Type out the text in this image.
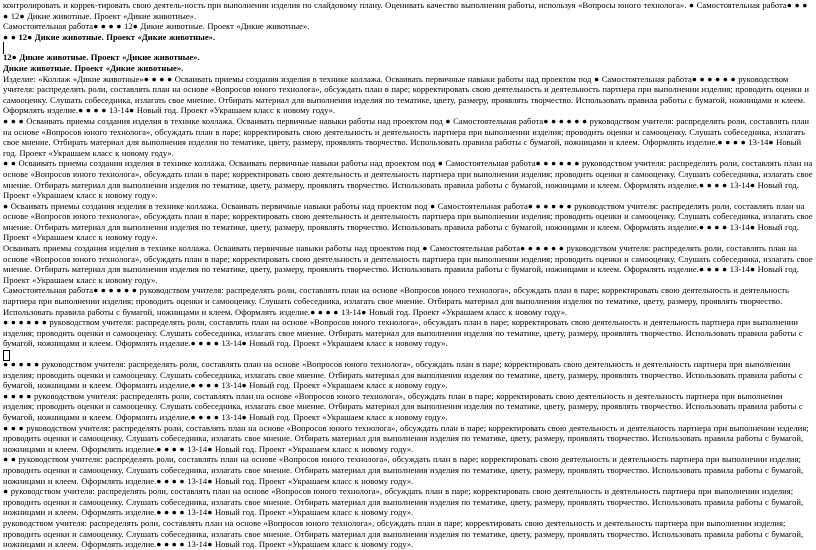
контролировать и коррек-тировать свою деятель-ность при выполнении изделия по слайдовому плану. Оценивать качество выполнения работы, используя «Вопросы юного технолога». ● Самостоятельная работа● ● ● ● 12● Дикие животные. Проект «Дикие животные».

Самостоятельная работа● ● ● ● 12● Дикие животные. Проект «Дикие животные».

● ● 12● Дикие животные. Проект «Дикие животные».

12● Дикие животные. Проект «Дикие животные».

Дикие животные. Проект «Дикие животные».

Изделие: «Коллаж «Дикие животные»● ● ● ● Осваивать приемы создания изделия в технике коллажа. Осваивать первичные навыки работы над проектом под ● Самостоятельная работа● ● ● ● ● ● руководством учителя: распределять роли, составлять план на основе «Вопросов юного технолога», обсуждать план в паре; корректировать свою деятельность и деятельность партнера при выполнении изделия; проводить оценки и самооценку. Слушать собеседника, излагать свое мнение. Отбирать материал для выполнения изделия по тематике, цвету, размеру, проявлять творчество. Использовать правила работы с бумагой, ножницами и клеем. Оформлять изделие.● ● ● ● 13-14● Новый год. Проект «Украшаем класс к новому году».

● ● ● Осваивать приемы создания изделия в технике коллажа. Осваивать первичные навыки работы над проектом под ● Самостоятельная работа● ● ● ● ● ● руководством учителя: распределять роли, составлять план на основе «Вопросов юного технолога», обсуждать план в паре; корректировать свою деятельность и деятельность партнера при выполнении изделия; проводить оценки и самооценку. Слушать собеседника, излагать свое мнение. Отбирать материал для выполнения изделия по тематике, цвету, размеру, проявлять творчество. Использовать правила работы с бумагой, ножницами и клеем. Оформлять изделие.● ● ● ● 13-14● Новый год. Проект «Украшаем класс к новому году».

● ● Осваивать приемы создания изделия в технике коллажа. Осваивать первичные навыки работы над проектом под ● Самостоятельная работа● ● ● ● ● ● руководством учителя: распределять роли, составлять план на основе «Вопросов юного технолога», обсуждать план в паре; корректировать свою деятельность и деятельность партнера при выполнении изделия; проводить оценки и самооценку. Слушать собеседника, излагать свое мнение. Отбирать материал для выполнения изделия по тематике, цвету, размеру, проявлять творчество. Использовать правила работы с бумагой, ножницами и клеем. Оформлять изделие.● ● ● ● 13-14● Новый год. Проект «Украшаем класс к новому году».

● Осваивать приемы создания изделия в технике коллажа. Осваивать первичные навыки работы над проектом под ● Самостоятельная работа● ● ● ● ● ● руководством учителя: распределять роли, составлять план на основе «Вопросов юного технолога», обсуждать план в паре; корректировать свою деятельность и деятельность партнера при выполнении изделия; проводить оценки и самооценку. Слушать собеседника, излагать свое мнение. Отбирать материал для выполнения изделия по тематике, цвету, размеру, проявлять творчество. Использовать правила работы с бумагой, ножницами и клеем. Оформлять изделие.● ● ● ● 13-14● Новый год. Проект «Украшаем класс к новому году».

Осваивать приемы создания изделия в технике коллажа. Осваивать первичные навыки работы над проектом под ● Самостоятельная работа● ● ● ● ● ● руководством учителя: распределять роли, составлять план на основе «Вопросов юного технолога», обсуждать план в паре; корректировать свою деятельность и деятельность партнера при выполнении изделия; проводить оценки и самооценку. Слушать собеседника, излагать свое мнение. Отбирать материал для выполнения изделия по тематике, цвету, размеру, проявлять творчество. Использовать правила работы с бумагой, ножницами и клеем. Оформлять изделие.● ● ● ● 13-14● Новый год. Проект «Украшаем класс к новому году».

Самостоятельная работа● ● ● ● ● ● руководством учителя: распределять роли, составлять план на основе «Вопросов юного технолога», обсуждать план в паре; корректировать свою деятельность и деятельность партнера при выполнении изделия; проводить оценки и самооценку. Слушать собеседника, излагать свое мнение. Отбирать материал для выполнения изделия по тематике, цвету, размеру, проявлять творчество. Использовать правила работы с бумагой, ножницами и клеем. Оформлять изделие.● ● ● ● 13-14● Новый год. Проект «Украшаем класс к новому году».

● ● ● ● ● ● руководством учителя: распределять роли, составлять план на основе «Вопросов юного технолога», обсуждать план в паре; корректировать свою деятельность и деятельность партнера при выполнении изделия; проводить оценки и самооценку. Слушать собеседника, излагать свое мнение. Отбирать материал для выполнения изделия по тематике, цвету, размеру, проявлять творчество. Использовать правила работы с бумагой, ножницами и клеем. Оформлять изделие.● ● ● ● 13-14● Новый год. Проект «Украшаем класс к новому году».

● ● ● ● ● руководством учителя: распределять роли, составлять план на основе «Вопросов юного технолога», обсуждать план в паре; корректировать свою деятельность и деятельность партнера при выполнении изделия; проводить оценки и самооценку. Слушать собеседника, излагать свое мнение. Отбирать материал для выполнения изделия по тематике, цвету, размеру, проявлять творчество. Использовать правила работы с бумагой, ножницами и клеем. Оформлять изделие.● ● ● ● 13-14● Новый год. Проект «Украшаем класс к новому году».

● ● ● ● руководством учителя: распределять роли, составлять план на основе «Вопросов юного технолога», обсуждать план в паре; корректировать свою деятельность и деятельность партнера при выполнении изделия; проводить оценки и самооценку. Слушать собеседника, излагать свое мнение. Отбирать материал для выполнения изделия по тематике, цвету, размеру, проявлять творчество. Использовать правила работы с бумагой, ножницами и клеем. Оформлять изделие.● ● ● ● 13-14● Новый год. Проект «Украшаем класс к новому году».

● ● ● руководством учителя: распределять роли, составлять план на основе «Вопросов юного технолога», обсуждать план в паре; корректировать свою деятельность и деятельность партнера при выполнении изделия; проводить оценки и самооценку. Слушать собеседника, излагать свое мнение. Отбирать материал для выполнения изделия по тематике, цвету, размеру, проявлять творчество. Использовать правила работы с бумагой, ножницами и клеем. Оформлять изделие.● ● ● ● 13-14● Новый год. Проект «Украшаем класс к новому году».

● ● руководством учителя: распределять роли, составлять план на основе «Вопросов юного технолога», обсуждать план в паре; корректировать свою деятельность и деятельность партнера при выполнении изделия; проводить оценки и самооценку. Слушать собеседника, излагать свое мнение. Отбирать материал для выполнения изделия по тематике, цвету, размеру, проявлять творчество. Использовать правила работы с бумагой, ножницами и клеем. Оформлять изделие.● ● ● ● 13-14● Новый год. Проект «Украшаем класс к новому году».

● руководством учителя: распределять роли, составлять план на основе «Вопросов юного технолога», обсуждать план в паре; корректировать свою деятельность и деятельность партнера при выполнении изделия; проводить оценки и самооценку. Слушать собеседника, излагать свое мнение. Отбирать материал для выполнения изделия по тематике, цвету, размеру, проявлять творчество. Использовать правила работы с бумагой, ножницами и клеем. Оформлять изделие.● ● ● ● 13-14● Новый год. Проект «Украшаем класс к новому году».

руководством учителя: распределять роли, составлять план на основе «Вопросов юного технолога», обсуждать план в паре; корректировать свою деятельность и деятельность партнера при выполнении изделия; проводить оценки и самооценку. Слушать собеседника, излагать свое мнение. Отбирать материал для выполнения изделия по тематике, цвету, размеру, проявлять творчество. Использовать правила работы с бумагой, ножницами и клеем. Оформлять изделие.● ● ● ● 13-14● Новый год. Проект «Украшаем класс к новому году».
